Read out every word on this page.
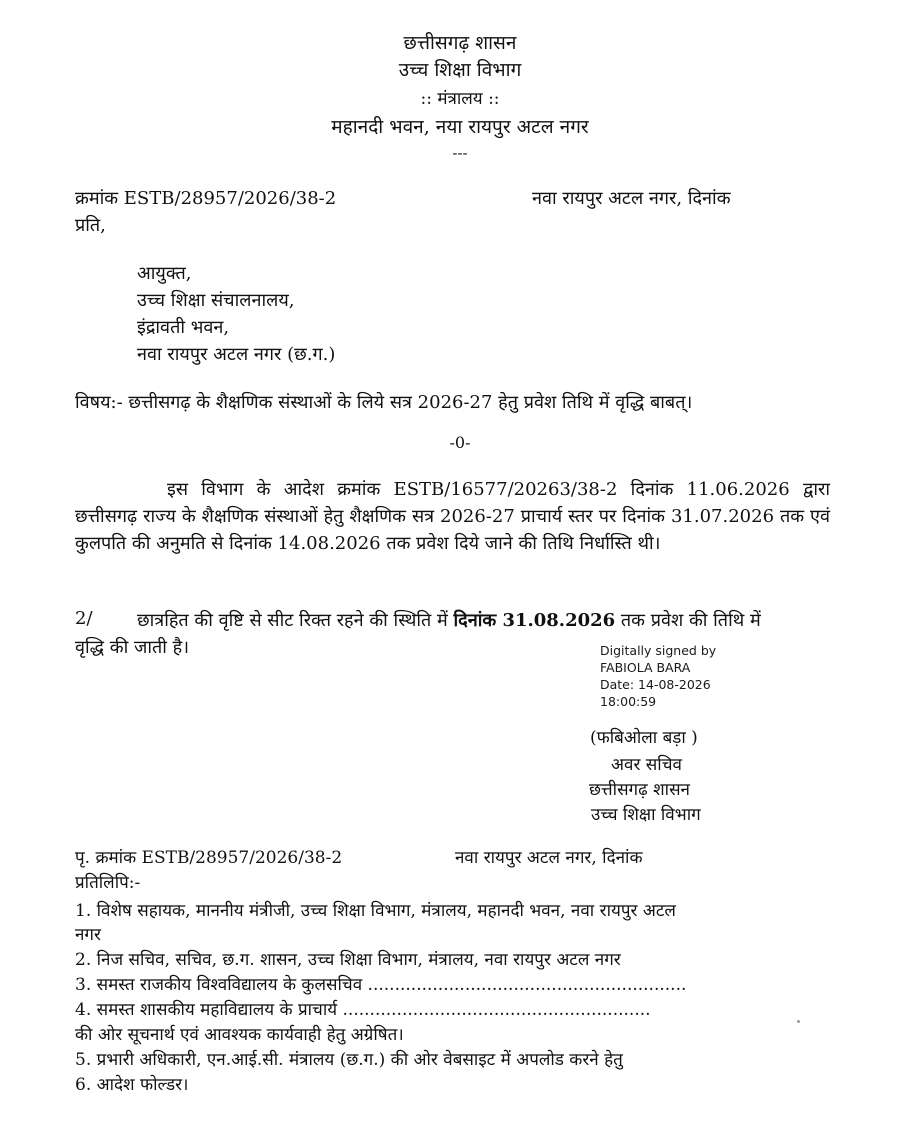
छत्तीसगढ़ शासन
उच्च शिक्षा विभाग
:: मंत्रालय ::
महानदी भवन, नया रायपुर अटल नगर
---
क्रमांक ESTB/28957/2026/38-2	नवा रायपुर अटल नगर, दिनांक
प्रति,
आयुक्त,
उच्च शिक्षा संचालनालय,
इंद्रावती भवन,
नवा रायपुर अटल नगर (छ.ग.)
विषय:- छत्तीसगढ़ के शैक्षणिक संस्थाओं के लिये सत्र 2026-27 हेतु प्रवेश तिथि में वृद्धि बाबत्।
-0-

इस विभाग के आदेश क्रमांक ESTB/16577/20263/38-2 दिनांक 11.06.2026 द्वारा छत्तीसगढ़ राज्य के शैक्षणिक संस्थाओं हेतु शैक्षणिक सत्र 2026-27 प्राचार्य स्तर पर दिनांक 31.07.2026 तक एवं कुलपति की अनुमति से दिनांक 14.08.2026 तक प्रवेश दिये जाने की तिथि निर्धास्ति थी।

2/ छात्रहित की वृष्टि से सीट रिक्त रहने की स्थिति में दिनांक 31.08.2026 तक प्रवेश की तिथि में
वृद्धि की जाती है।	Digitally signed by
FABIOLA BARA
Date: 14-08-2026
18:00:59
(फबिओला बड़ा )
अवर सचिव
छत्तीसगढ़ शासन
उच्च शिक्षा विभाग
पृ. क्रमांक ESTB/28957/2026/38-2	नवा रायपुर अटल नगर, दिनांक
प्रतिलिपि:-
1. विशेष सहायक, माननीय मंत्रीजी, उच्च शिक्षा विभाग, मंत्रालय, महानदी भवन, नवा रायपुर अटल
नगर
2. निज सचिव, सचिव, छ.ग. शासन, उच्च शिक्षा विभाग, मंत्रालय, नवा रायपुर अटल नगर
3. समस्त राजकीय विश्वविद्यालय के कुलसचिव ...........................................................
4. समस्त शासकीय महाविद्यालय के प्राचार्य .........................................................
की ओर सूचनार्थ एवं आवश्यक कार्यवाही हेतु अग्रेषित।
5. प्रभारी अधिकारी, एन.आई.सी. मंत्रालय (छ.ग.) की ओर वेबसाइट में अपलोड करने हेतु
6. आदेश फोल्डर।
